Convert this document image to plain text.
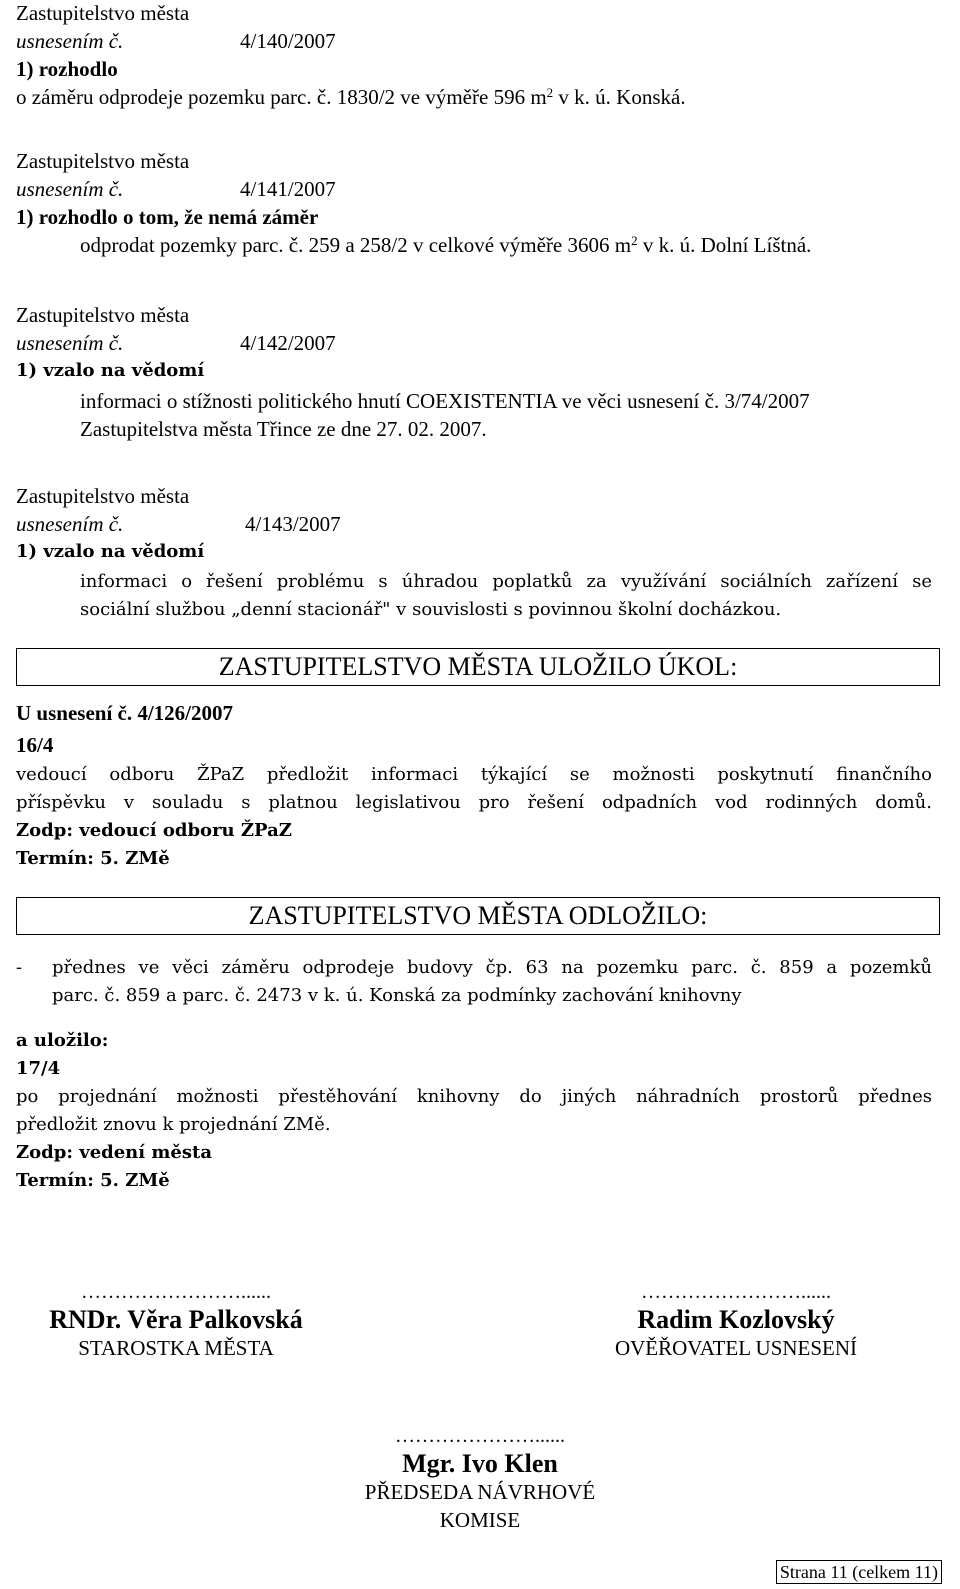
Zastupitelstvo města
usnesením č.	4/140/2007
1) rozhodlo
o záměru odprodeje pozemku parc. č. 1830/2 ve výměře 596 $m^2$ v k. ú. Konská.
Zastupitelstvo města
usnesením č.	4/141/2007
1) rozhodlo o tom, že nemá záměr
odprodat pozemky parc. č. 259 a 258/2 v celkové výměře 3606 $m^2$ v k. ú. Dolní Líštná.
Zastupitelstvo města
usnesením č.	4/142/2007
1) vzalo na vědomí
informaci o stížnosti politického hnutí COEXISTENTIA ve věci usnesení č. 3/74/2007
Zastupitelstva města Třince ze dne 27. 02. 2007.
Zastupitelstvo města
usnesením č.	4/143/2007
1) vzalo na vědomí
informaci o řešení problému s úhradou poplatků za využívání sociálních zařízení se
sociální službou „denní stacionář" v souvislosti s povinnou školní docházkou.
ZASTUPITELSTVO MĚSTA ULOŽILO ÚKOL:
U usnesení č. 4/126/2007
16/4
vedoucí odboru ŽPaZ předložit informaci týkající se možnosti poskytnutí finančního
příspěvku v souladu s platnou legislativou pro řešení odpadních vod rodinných domů.
Zodp: vedoucí odboru ŽPaZ
Termín: 5. ZMě
ZASTUPITELSTVO MĚSTA ODLOŽILO:
- přednes ve věci záměru odprodeje budovy čp. 63 na pozemku parc. č. 859 a pozemků
parc. č. 859 a parc. č. 2473 v k. ú. Konská za podmínky zachování knihovny
a uložilo:
17/4
po projednání možnosti přestěhování knihovny do jiných náhradních prostorů přednes
předložit znovu k projednání ZMě.
Zodp: vedení města
Termín: 5. ZMě
……………………......
RNDr. Věra Palkovská
STAROSTKA MĚSTA
……………………......
Radim Kozlovský
OVĚŘOVATEL USNESENÍ
…………………......
Mgr. Ivo Klen
PŘEDSEDA NÁVRHOVÉ
KOMISE
Strana 11 (celkem 11)
